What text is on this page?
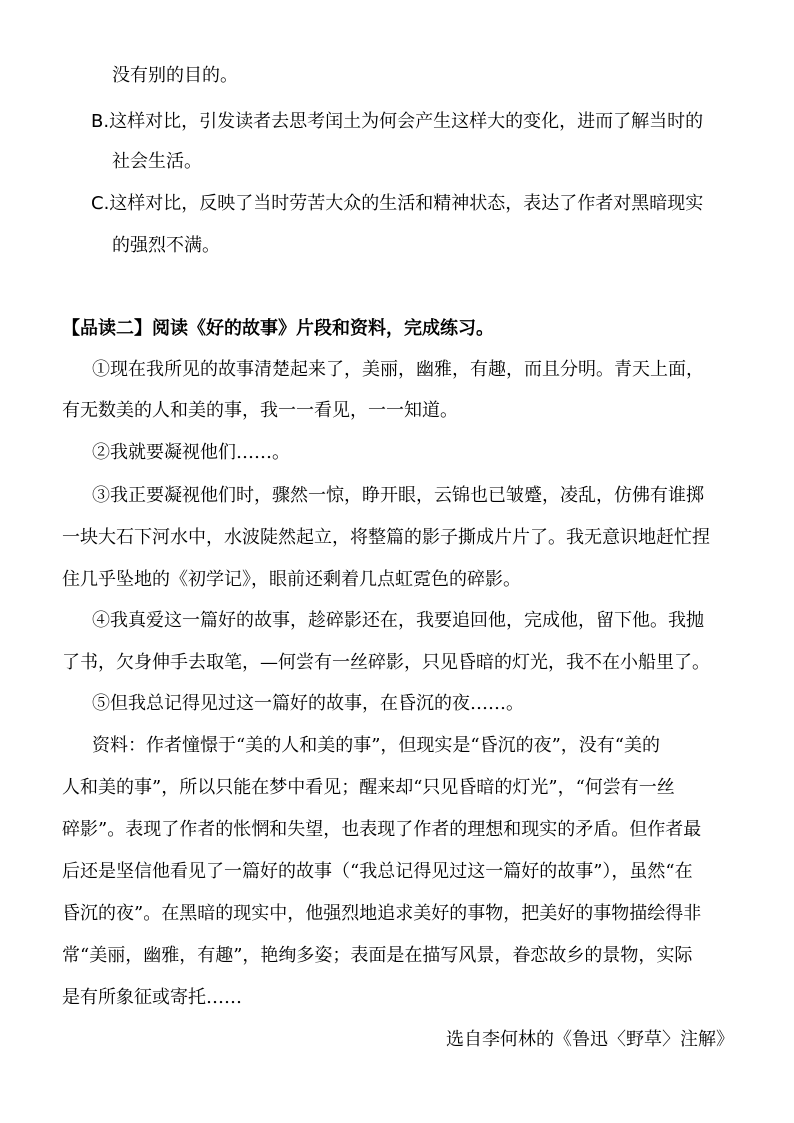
没有别的目的。
B.这样对比，引发读者去思考闰土为何会产生这样大的变化，进而了解当时的
社会生活。
C.这样对比，反映了当时劳苦大众的生活和精神状态，表达了作者对黑暗现实
的强烈不满。
【品读二】阅读《好的故事》片段和资料，完成练习。
①现在我所见的故事清楚起来了，美丽，幽雅，有趣，而且分明。青天上面，
有无数美的人和美的事，我一一看见，一一知道。
②我就要凝视他们……。
③我正要凝视他们时，骤然一惊，睁开眼，云锦也已皱蹙，凌乱，仿佛有谁掷
一块大石下河水中，水波陡然起立，将整篇的影子撕成片片了。我无意识地赶忙捏
住几乎坠地的《初学记》，眼前还剩着几点虹霓色的碎影。
④我真爱这一篇好的故事，趁碎影还在，我要追回他，完成他，留下他。我抛
了书，欠身伸手去取笔，—何尝有一丝碎影，只见昏暗的灯光，我不在小船里了。
⑤但我总记得见过这一篇好的故事，在昏沉的夜……。
资料：作者憧憬于“美的人和美的事”，但现实是“昏沉的夜”，没有“美的
人和美的事”，所以只能在梦中看见；醒来却“只见昏暗的灯光”，“何尝有一丝
碎影”。表现了作者的怅惘和失望，也表现了作者的理想和现实的矛盾。但作者最
后还是坚信他看见了一篇好的故事（“我总记得见过这一篇好的故事”），虽然“在
昏沉的夜”。在黑暗的现实中，他强烈地追求美好的事物，把美好的事物描绘得非
常“美丽，幽雅，有趣”，艳绚多姿；表面是在描写风景，眷恋故乡的景物，实际
是有所象征或寄托……
选自李何林的《鲁迅〈野草〉注解》
